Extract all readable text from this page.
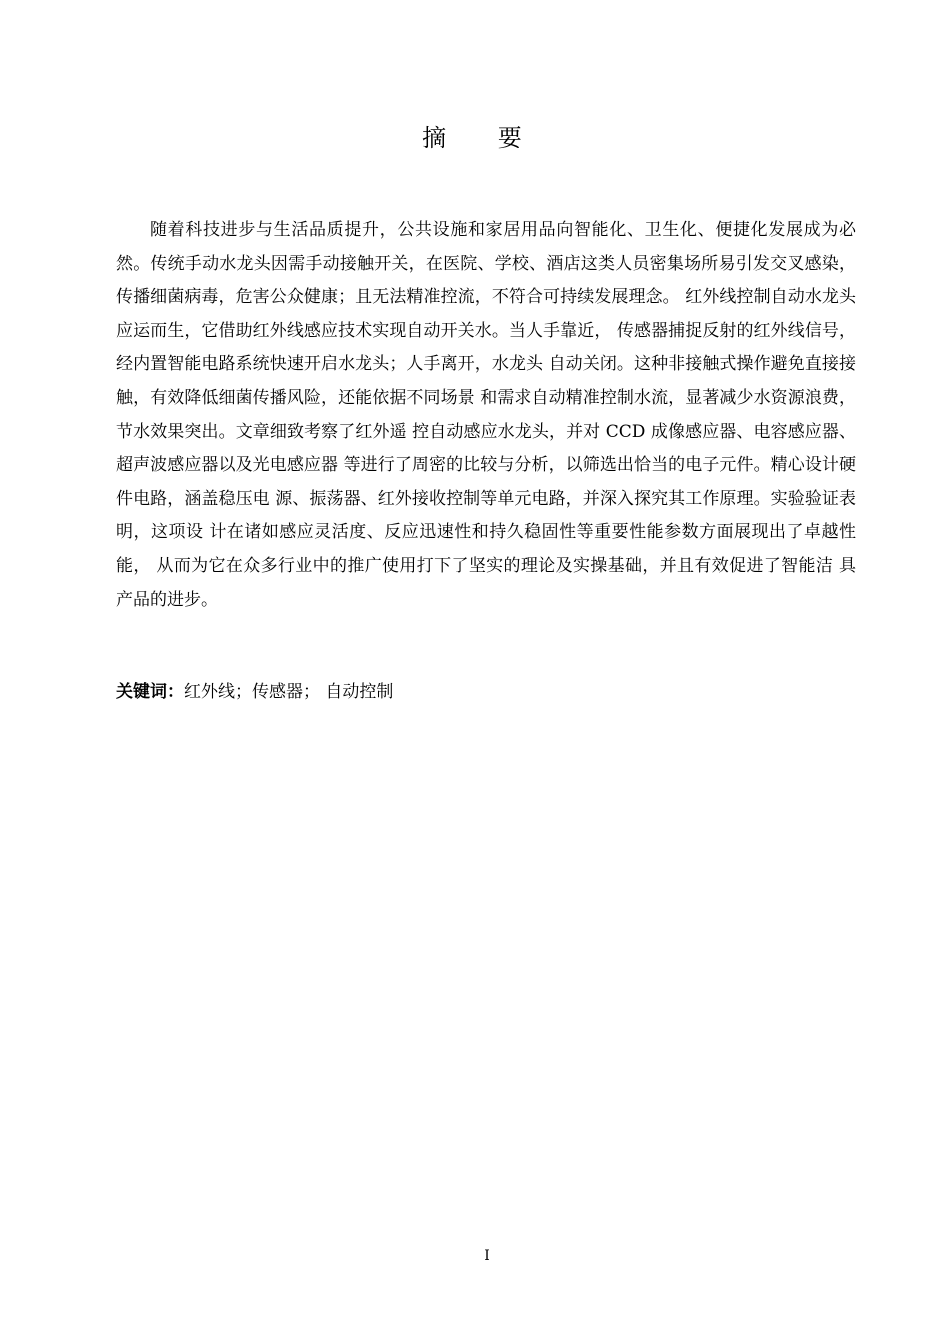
摘 要

随着科技进步与生活品质提升，公共设施和家居用品向智能化、卫生化、便捷化发展成为必然。传统手动水龙头因需手动接触开关，在医院、学校、酒店这类人员密集场所易引发交叉感染，传播细菌病毒，危害公众健康；且无法精准控流，不符合可持续发展理念。 红外线控制自动水龙头应运而生，它借助红外线感应技术实现自动开关水。当人手靠近， 传感器捕捉反射的红外线信号，经内置智能电路系统快速开启水龙头；人手离开，水龙头 自动关闭。这种非接触式操作避免直接接触，有效降低细菌传播风险，还能依据不同场景 和需求自动精准控制水流，显著减少水资源浪费，节水效果突出。文章细致考察了红外遥 控自动感应水龙头，并对 CCD 成像感应器、电容感应器、超声波感应器以及光电感应器 等进行了周密的比较与分析，以筛选出恰当的电子元件。精心设计硬件电路，涵盖稳压电 源、振荡器、红外接收控制等单元电路，并深入探究其工作原理。实验验证表明，这项设 计在诸如感应灵活度、反应迅速性和持久稳固性等重要性能参数方面展现出了卓越性能， 从而为它在众多行业中的推广使用打下了坚实的理论及实操基础，并且有效促进了智能洁 具产品的进步。

关键词：红外线；传感器； 自动控制
I
